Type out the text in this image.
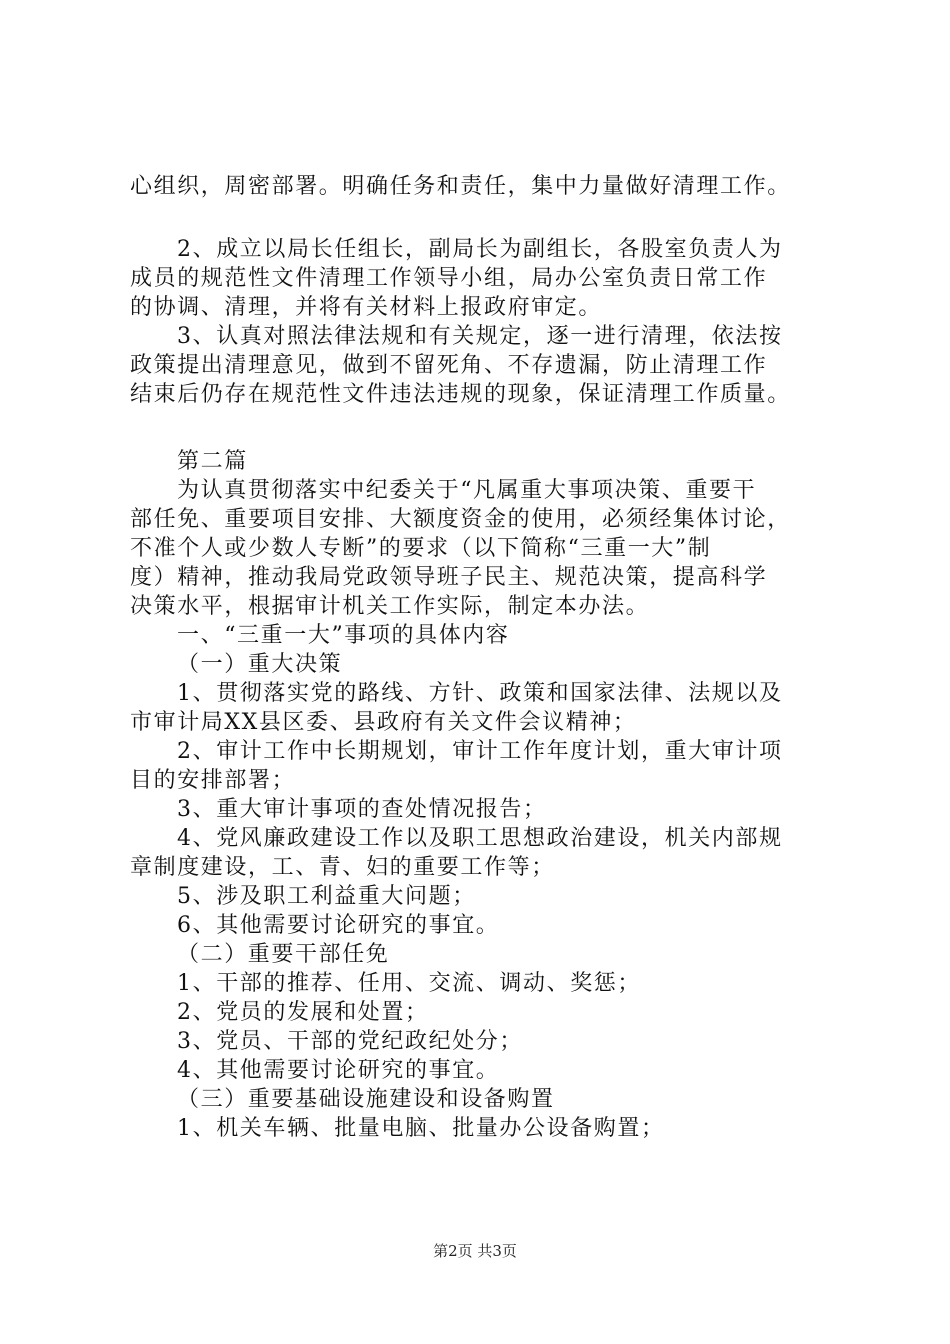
心组织，周密部署。明确任务和责任，集中力量做好清理工作。
2、成立以局长任组长，副局长为副组长，各股室负责人为
成员的规范性文件清理工作领导小组，局办公室负责日常工作
的协调、清理，并将有关材料上报政府审定。
3、认真对照法律法规和有关规定，逐一进行清理，依法按
政策提出清理意见，做到不留死角、不存遗漏，防止清理工作
结束后仍存在规范性文件违法违规的现象，保证清理工作质量。
第二篇
为认真贯彻落实中纪委关于“凡属重大事项决策、重要干
部任免、重要项目安排、大额度资金的使用，必须经集体讨论，
不准个人或少数人专断”的要求（以下简称“三重一大”制
度）精神，推动我局党政领导班子民主、规范决策，提高科学
决策水平，根据审计机关工作实际，制定本办法。
一、“三重一大”事项的具体内容
（一）重大决策
1、贯彻落实党的路线、方针、政策和国家法律、法规以及
市审计局XX县区委、县政府有关文件会议精神；
2、审计工作中长期规划，审计工作年度计划，重大审计项
目的安排部署；
3、重大审计事项的查处情况报告；
4、党风廉政建设工作以及职工思想政治建设，机关内部规
章制度建设，工、青、妇的重要工作等；
5、涉及职工利益重大问题；
6、其他需要讨论研究的事宜。
（二）重要干部任免
1、干部的推荐、任用、交流、调动、奖惩；
2、党员的发展和处置；
3、党员、干部的党纪政纪处分；
4、其他需要讨论研究的事宜。
（三）重要基础设施建设和设备购置
1、机关车辆、批量电脑、批量办公设备购置；
第2页 共3页
